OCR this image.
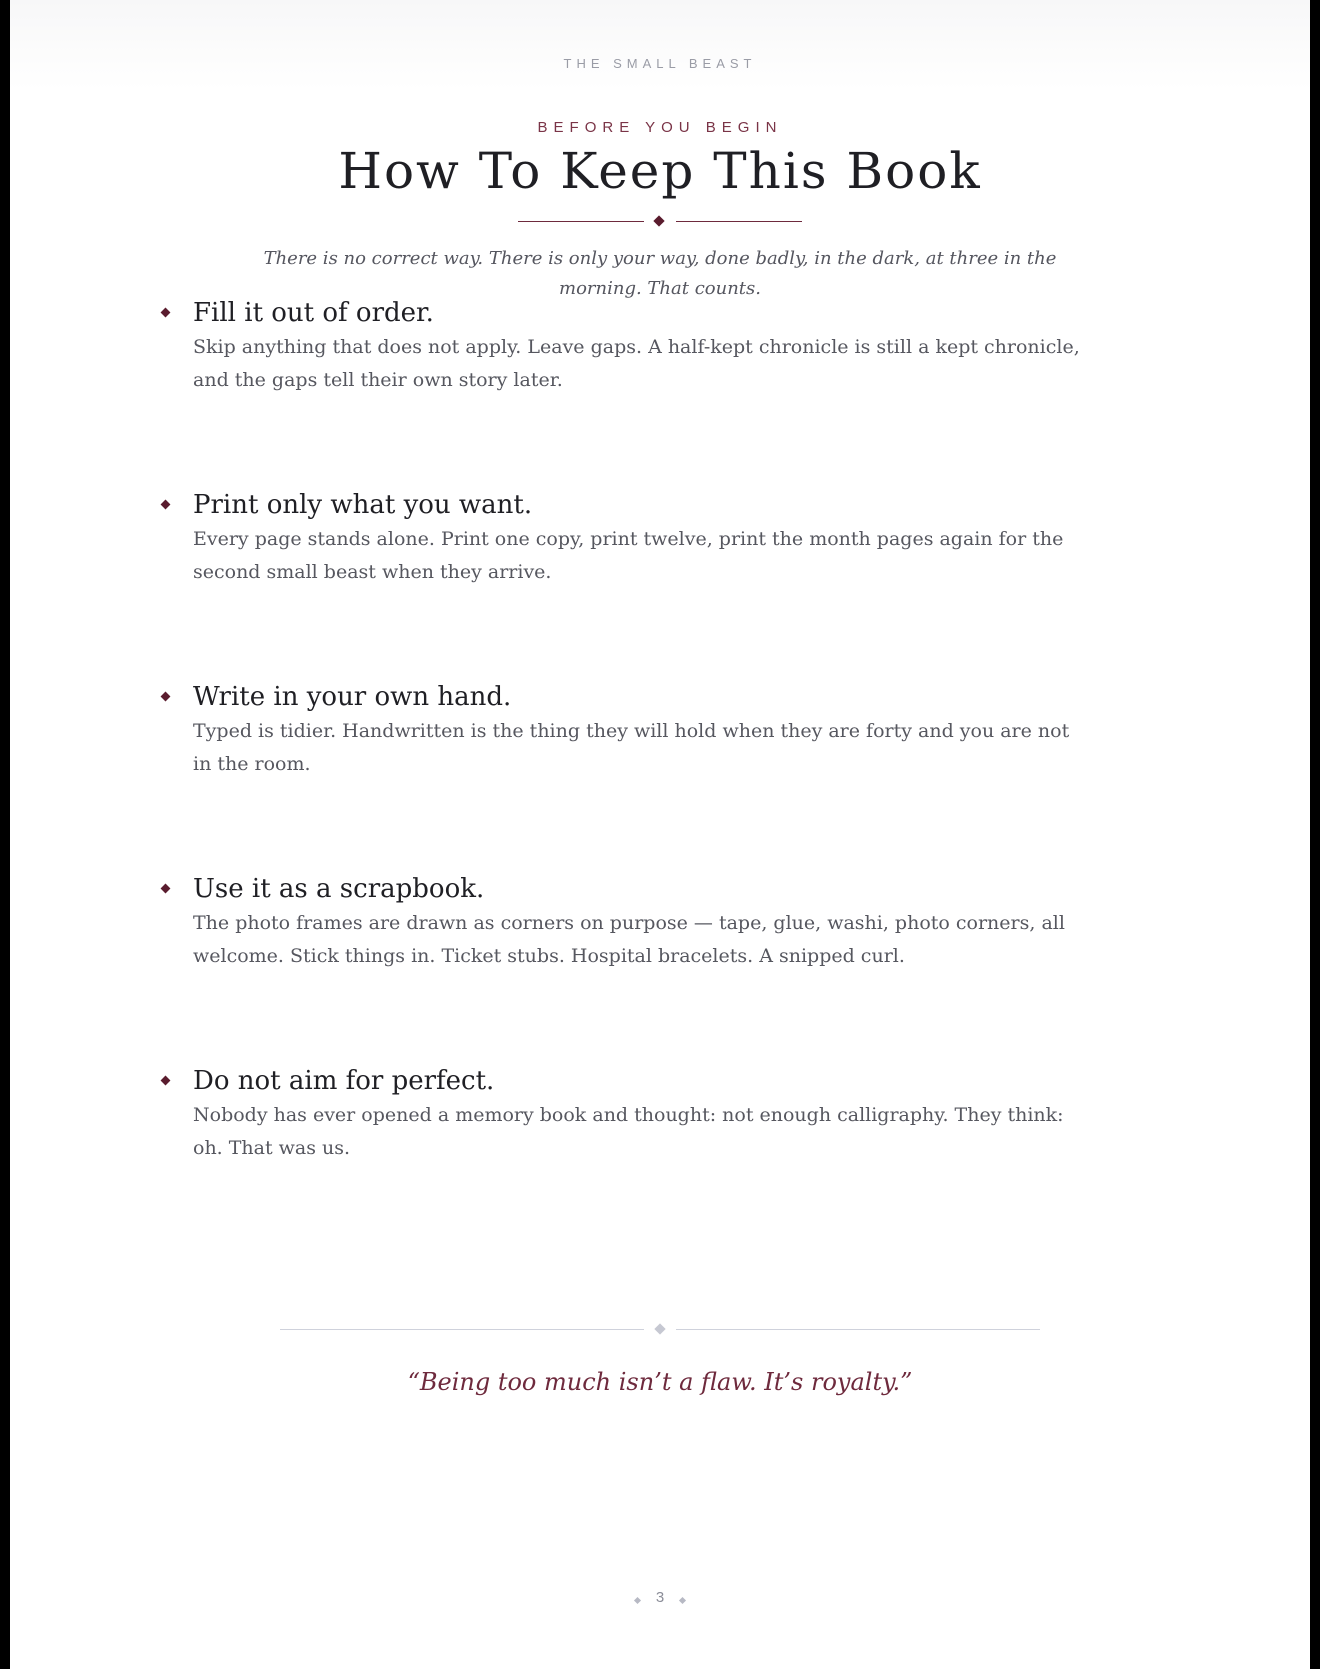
THE SMALL BEAST
BEFORE YOU BEGIN
How To Keep This Book

There is no correct way. There is only your way, done badly, in the dark, at three in the morning. That counts.

Fill it out of order.

Skip anything that does not apply. Leave gaps. A half-kept chronicle is still a kept chronicle, and the gaps tell their own story later.

Print only what you want.

Every page stands alone. Print one copy, print twelve, print the month pages again for the second small beast when they arrive.

Write in your own hand.

Typed is tidier. Handwritten is the thing they will hold when they are forty and you are not in the room.

Use it as a scrapbook.

The photo frames are drawn as corners on purpose — tape, glue, washi, photo corners, all welcome. Stick things in. Ticket stubs. Hospital bracelets. A snipped curl.

Do not aim for perfect.

Nobody has ever opened a memory book and thought: not enough calligraphy. They think: oh. That was us.

“Being too much isn’t a flaw. It’s royalty.”

3
